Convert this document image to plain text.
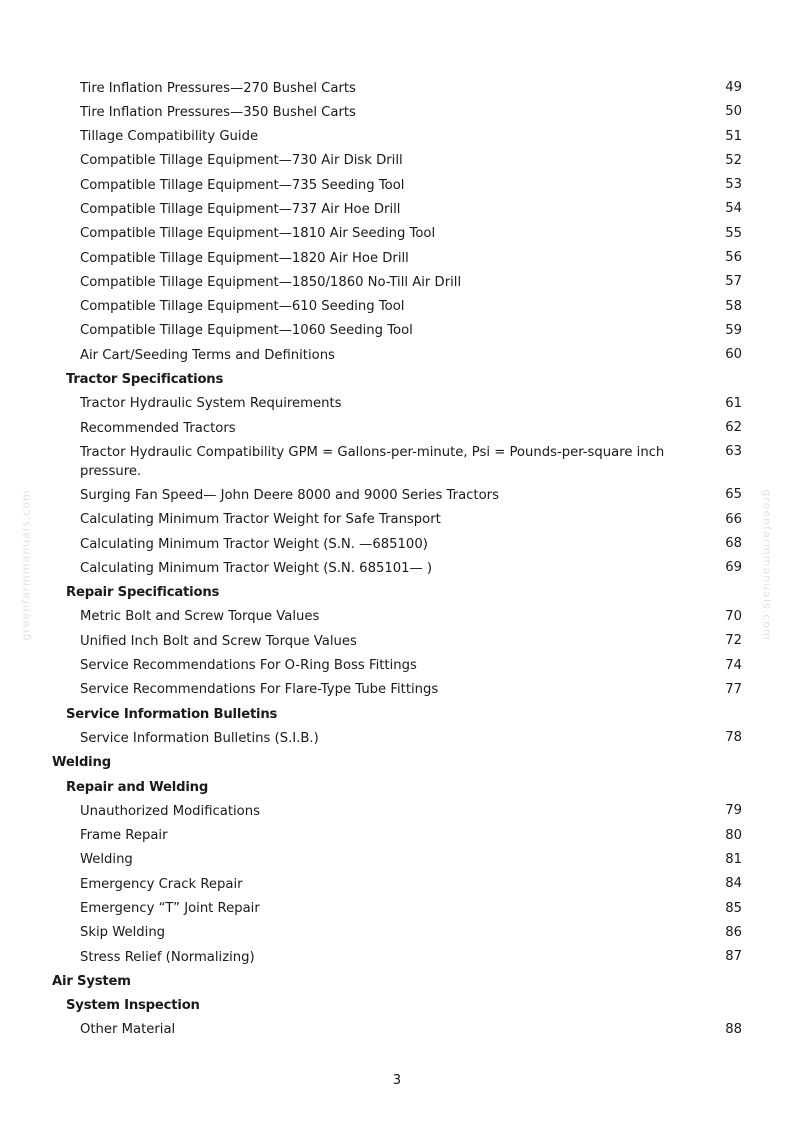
Tire Inflation Pressures—270 Bushel Carts	49
Tire Inflation Pressures—350 Bushel Carts	50
Tillage Compatibility Guide	51
Compatible Tillage Equipment—730 Air Disk Drill	52
Compatible Tillage Equipment—735 Seeding Tool	53
Compatible Tillage Equipment—737 Air Hoe Drill	54
Compatible Tillage Equipment—1810 Air Seeding Tool	55
Compatible Tillage Equipment—1820 Air Hoe Drill	56
Compatible Tillage Equipment—1850/1860 No-Till Air Drill	57
Compatible Tillage Equipment—610 Seeding Tool	58
Compatible Tillage Equipment—1060 Seeding Tool	59
Air Cart/Seeding Terms and Definitions	60
Tractor Specifications
Tractor Hydraulic System Requirements	61
Recommended Tractors	62
Tractor Hydraulic Compatibility GPM = Gallons-per-minute, Psi = Pounds-per-square inch pressure.
63
Surging Fan Speed— John Deere 8000 and 9000 Series Tractors	65
Calculating Minimum Tractor Weight for Safe Transport	66
Calculating Minimum Tractor Weight (S.N. —685100)	68
Calculating Minimum Tractor Weight (S.N. 685101— )	69
Repair Specifications
Metric Bolt and Screw Torque Values	70
Unified Inch Bolt and Screw Torque Values	72
Service Recommendations For O-Ring Boss Fittings	74
Service Recommendations For Flare-Type Tube Fittings	77
Service Information Bulletins
Service Information Bulletins (S.I.B.)	78
Welding
Repair and Welding
Unauthorized Modifications	79
Frame Repair	80
Welding	81
Emergency Crack Repair	84
Emergency “T” Joint Repair	85
Skip Welding	86
Stress Relief (Normalizing)	87
Air System
System Inspection
Other Material	88
greenfarmmanuals.com	greenfarmmanuals.com
3
